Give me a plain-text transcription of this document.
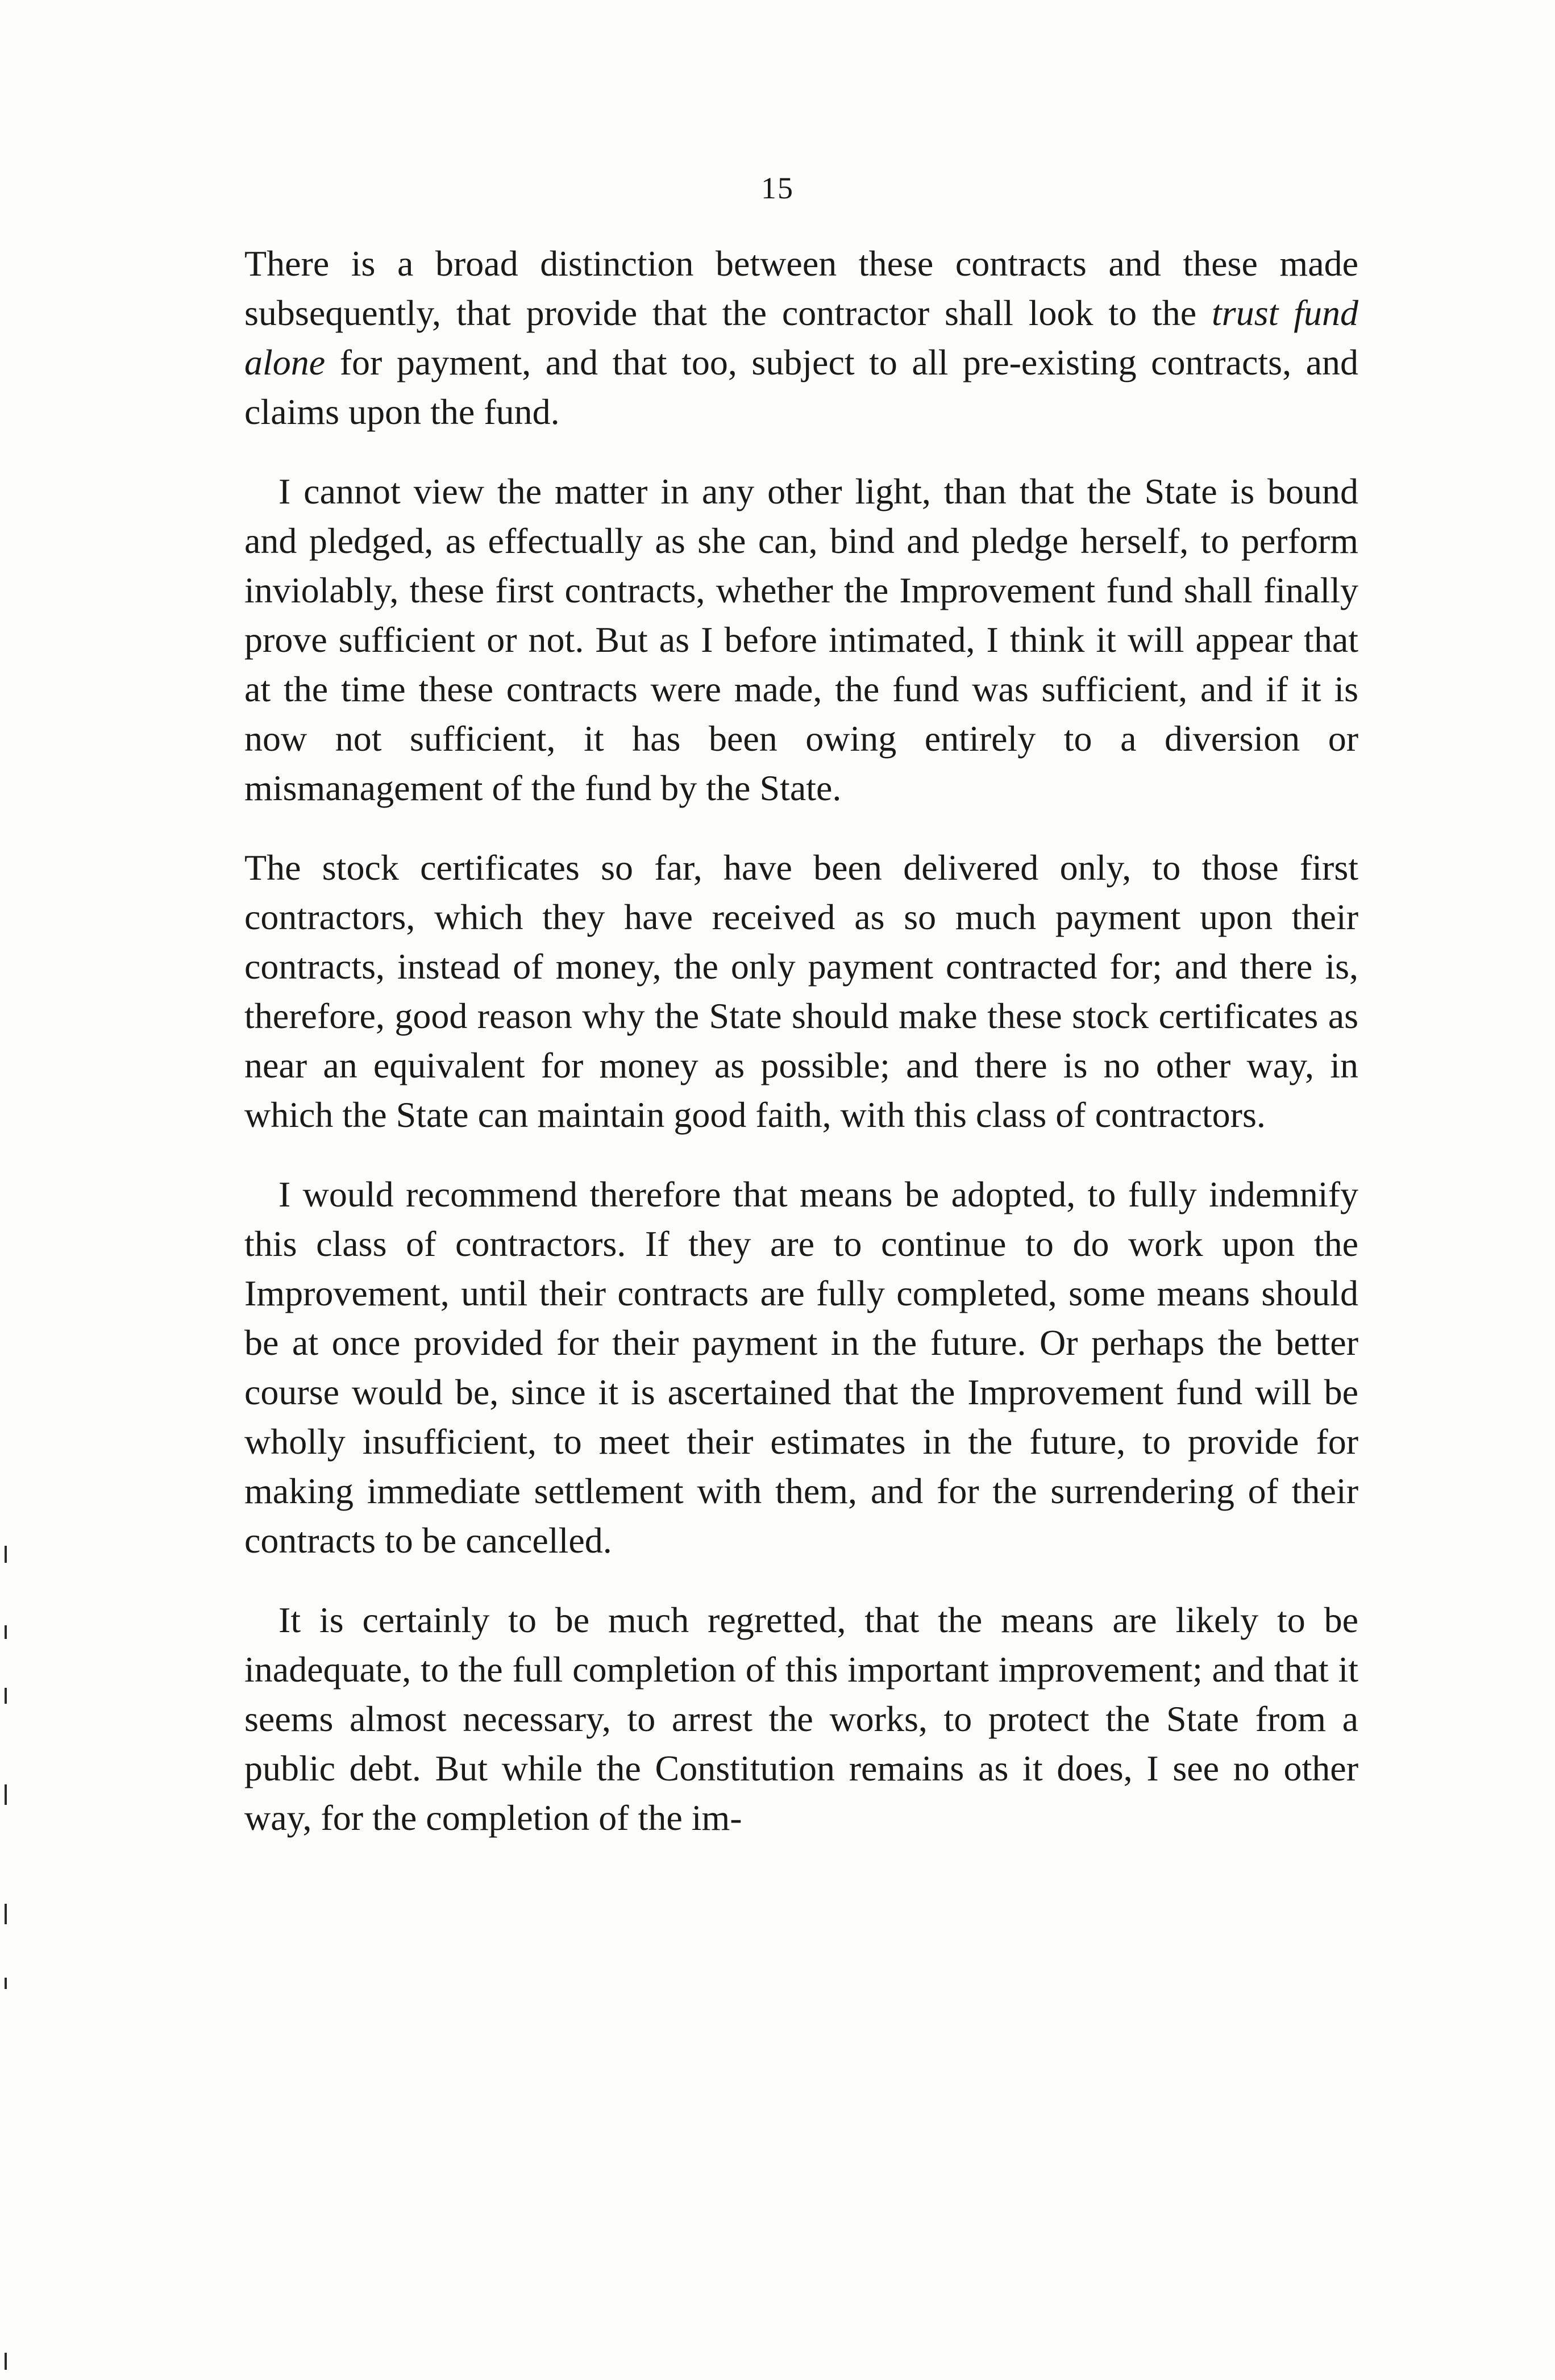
15

There is a broad distinction between these contracts and these made subsequently, that provide that the contractor shall look to the trust fund alone for payment, and that too, subject to all pre-existing contracts, and claims upon the fund.

I cannot view the matter in any other light, than that the State is bound and pledged, as effectually as she can, bind and pledge herself, to perform inviolably, these first contracts, whether the Improvement fund shall finally prove sufficient or not. But as I before intimated, I think it will appear that at the time these contracts were made, the fund was sufficient, and if it is now not sufficient, it has been owing entirely to a diversion or mismanagement of the fund by the State.

The stock certificates so far, have been delivered only, to those first contractors, which they have received as so much payment upon their contracts, instead of money, the only payment contracted for; and there is, therefore, good reason why the State should make these stock certificates as near an equivalent for money as possible; and there is no other way, in which the State can maintain good faith, with this class of contractors.

I would recommend therefore that means be adopted, to fully indemnify this class of contractors. If they are to continue to do work upon the Improvement, until their contracts are fully completed, some means should be at once provided for their payment in the future. Or perhaps the better course would be, since it is ascertained that the Improvement fund will be wholly insufficient, to meet their estimates in the future, to provide for making immediate settlement with them, and for the surrendering of their contracts to be cancelled.

It is certainly to be much regretted, that the means are likely to be inadequate, to the full completion of this important improvement; and that it seems almost necessary, to arrest the works, to protect the State from a public debt. But while the Constitution remains as it does, I see no other way, for the completion of the im-
